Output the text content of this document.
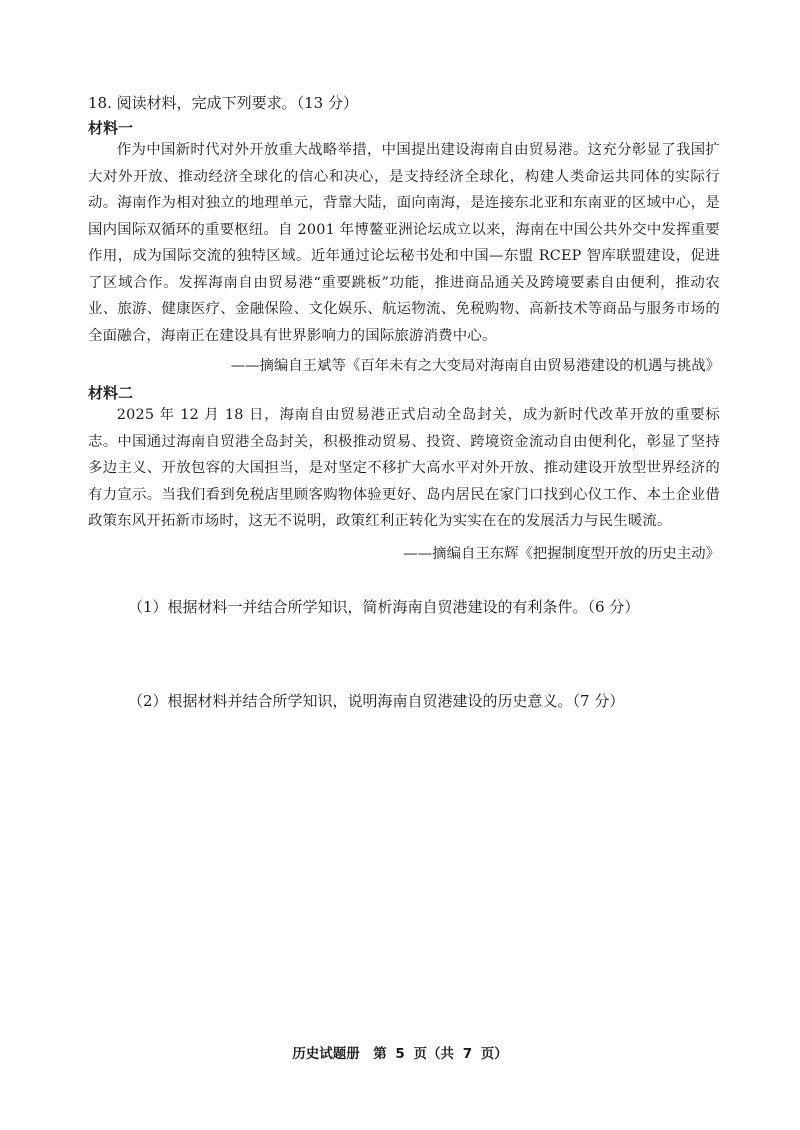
18. 阅读材料，完成下列要求。（13 分）
材料一
作为中国新时代对外开放重大战略举措，中国提出建设海南自由贸易港。这充分彰显了我国扩大对外开放、推动经济全球化的信心和决心，是支持经济全球化，构建人类命运共同体的实际行动。海南作为相对独立的地理单元，背靠大陆，面向南海，是连接东北亚和东南亚的区域中心，是国内国际双循环的重要枢纽。自 2001 年博鳌亚洲论坛成立以来，海南在中国公共外交中发挥重要作用，成为国际交流的独特区域。近年通过论坛秘书处和中国—东盟 RCEP 智库联盟建设，促进了区域合作。发挥海南自由贸易港“重要跳板”功能，推进商品通关及跨境要素自由便利，推动农业、旅游、健康医疗、金融保险、文化娱乐、航运物流、免税购物、高新技术等商品与服务市场的全面融合，海南正在建设具有世界影响力的国际旅游消费中心。
——摘编自王斌等《百年未有之大变局对海南自由贸易港建设的机遇与挑战》
材料二
2025 年 12 月 18 日，海南自由贸易港正式启动全岛封关，成为新时代改革开放的重要标志。中国通过海南自贸港全岛封关，积极推动贸易、投资、跨境资金流动自由便利化，彰显了坚持多边主义、开放包容的大国担当，是对坚定不移扩大高水平对外开放、推动建设开放型世界经济的有力宣示。当我们看到免税店里顾客购物体验更好、岛内居民在家门口找到心仪工作、本土企业借政策东风开拓新市场时，这无不说明，政策红利正转化为实实在在的发展活力与民生暖流。
——摘编自王东辉《把握制度型开放的历史主动》
（1）根据材料一并结合所学知识，简析海南自贸港建设的有利条件。（6 分）
（2）根据材料并结合所学知识，说明海南自贸港建设的历史意义。（7 分）
历史试题册　第 5 页（共 7 页）
